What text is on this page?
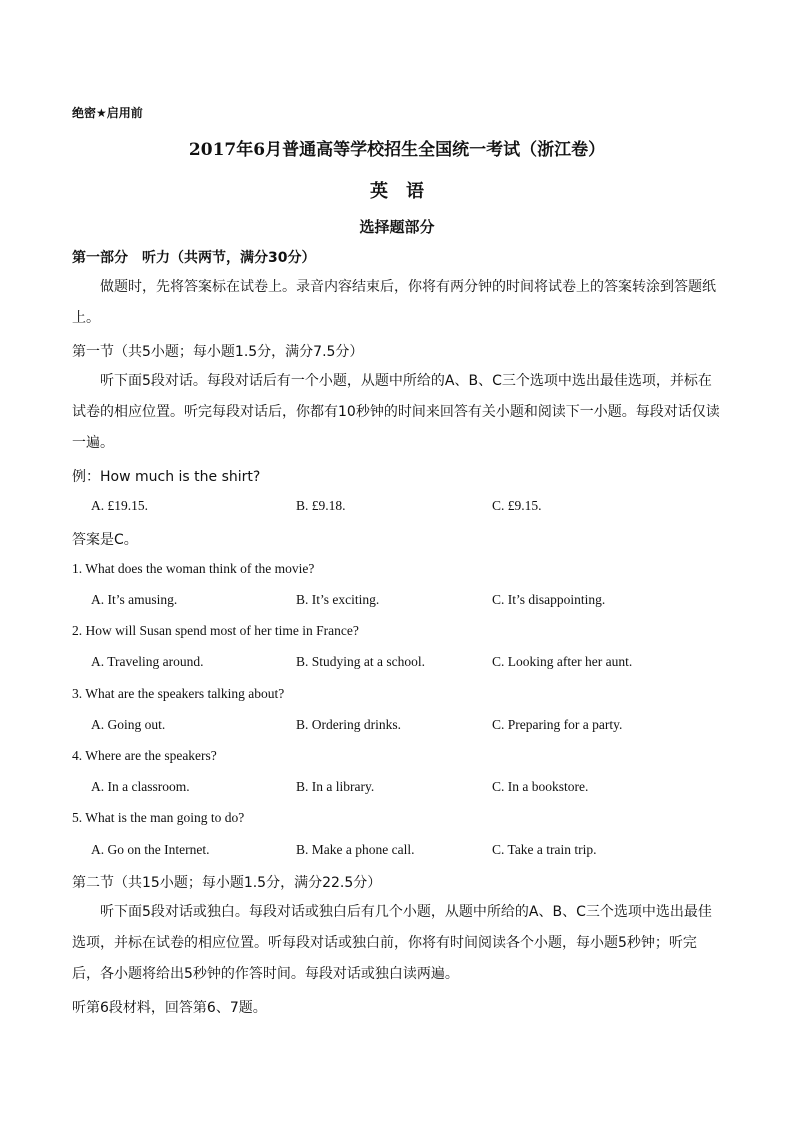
绝密★启用前
2017年6月普通高等学校招生全国统一考试（浙江卷）
英语
选择题部分
第一部分　听力（共两节，满分30分）
做题时，先将答案标在试卷上。录音内容结束后，你将有两分钟的时间将试卷上的答案转涂到答题纸上。
第一节（共5小题；每小题1.5分，满分7.5分）
听下面5段对话。每段对话后有一个小题，从题中所给的A、B、C三个选项中选出最佳选项，并标在试卷的相应位置。听完每段对话后，你都有10秒钟的时间来回答有关小题和阅读下一小题。每段对话仅读一遍。
例：How much is the shirt?
A. £19.15.	B. £9.18.	C. £9.15.
答案是C。
1. What does the woman think of the movie?
A. It’s amusing.	B. It’s exciting.	C. It’s disappointing.
2. How will Susan spend most of her time in France?
A. Traveling around.	B. Studying at a school.	C. Looking after her aunt.
3. What are the speakers talking about?
A. Going out.	B. Ordering drinks.	C. Preparing for a party.
4. Where are the speakers?
A. In a classroom.	B. In a library.	C. In a bookstore.
5. What is the man going to do?
A. Go on the Internet.	B. Make a phone call.	C. Take a train trip.
第二节（共15小题；每小题1.5分，满分22.5分）
听下面5段对话或独白。每段对话或独白后有几个小题，从题中所给的A、B、C三个选项中选出最佳选项，并标在试卷的相应位置。听每段对话或独白前，你将有时间阅读各个小题，每小题5秒钟；听完后，各小题将给出5秒钟的作答时间。每段对话或独白读两遍。
听第6段材料，回答第6、7题。
